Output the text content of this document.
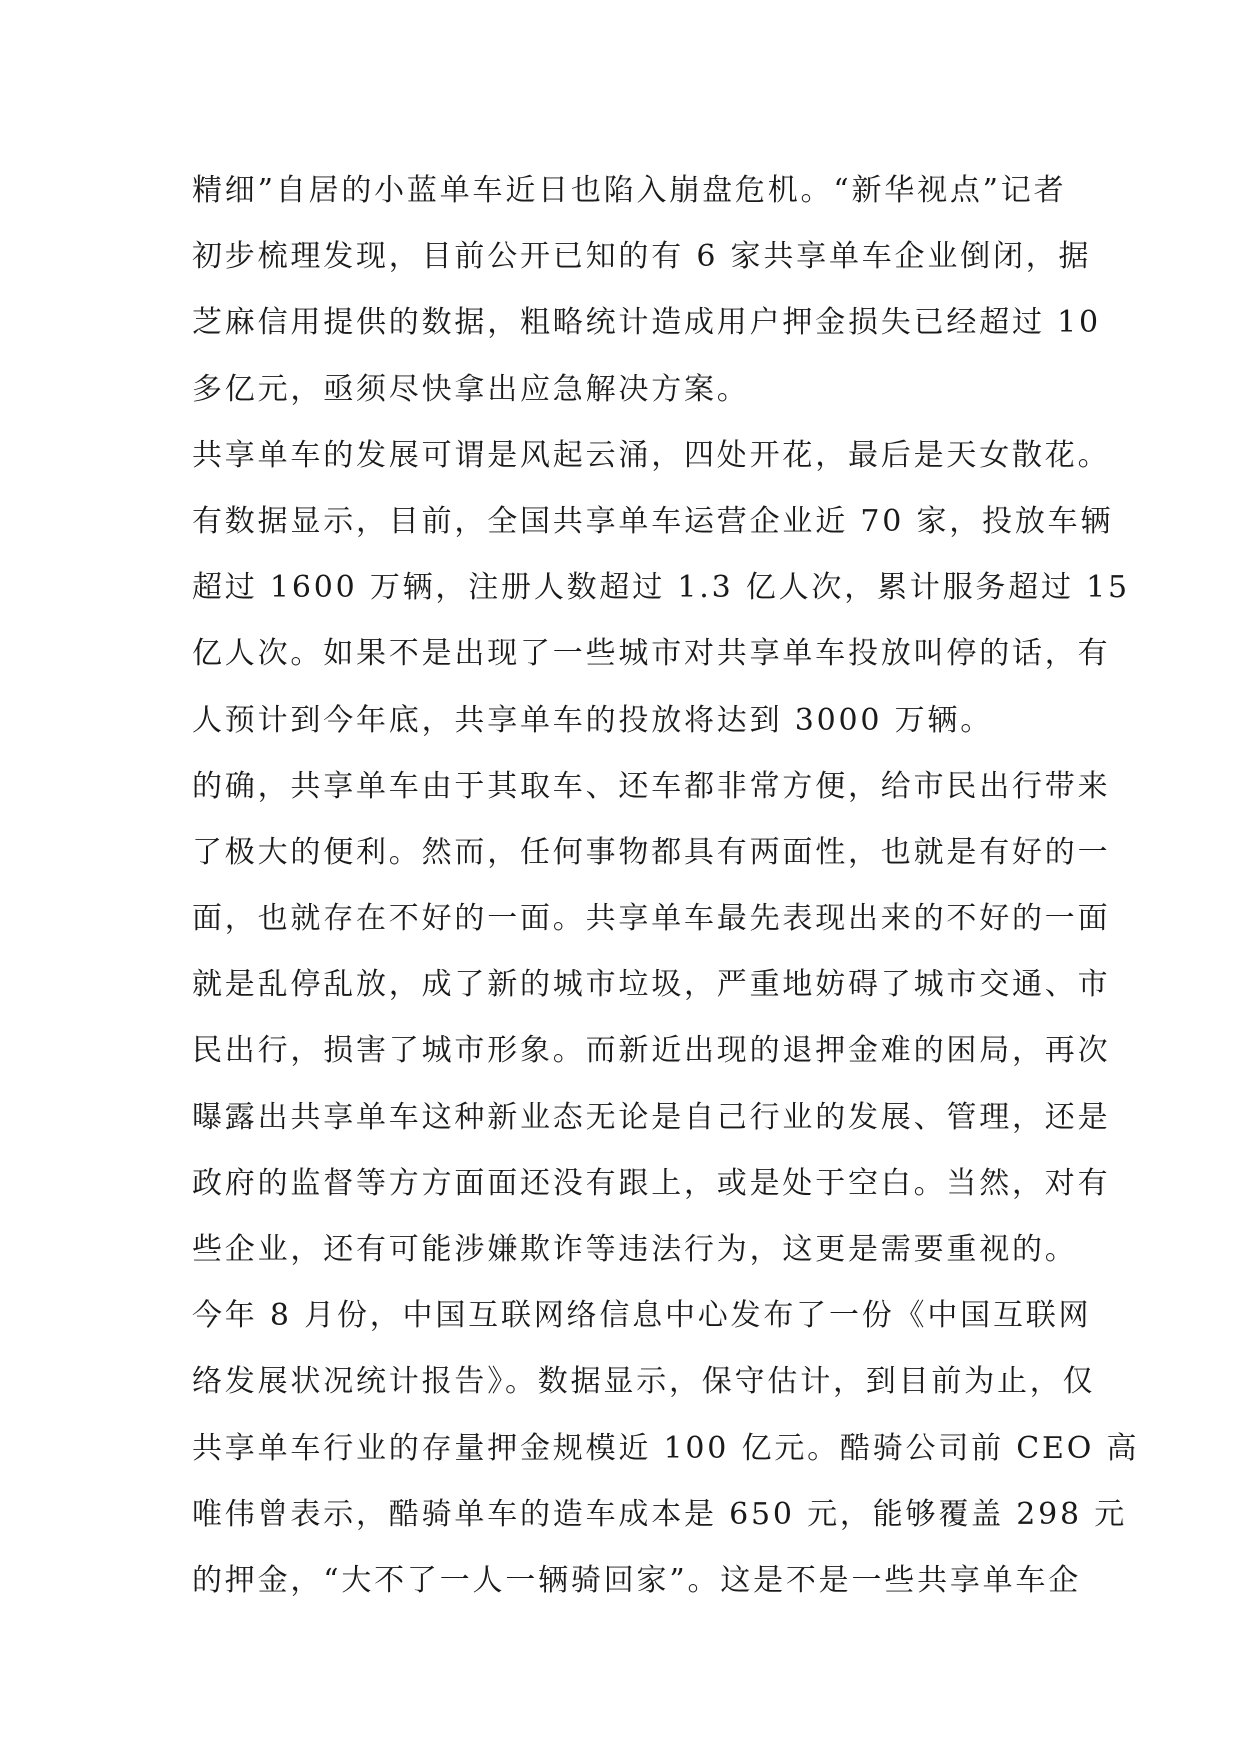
精细”自居的小蓝单车近日也陷入崩盘危机。“新华视点”记者
初步梳理发现，目前公开已知的有 6 家共享单车企业倒闭，据
芝麻信用提供的数据，粗略统计造成用户押金损失已经超过 10
多亿元，亟须尽快拿出应急解决方案。
共享单车的发展可谓是风起云涌，四处开花，最后是天女散花。
有数据显示，目前，全国共享单车运营企业近 70 家，投放车辆
超过 1600 万辆，注册人数超过 1.3 亿人次，累计服务超过 15
亿人次。如果不是出现了一些城市对共享单车投放叫停的话，有
人预计到今年底，共享单车的投放将达到 3000 万辆。
的确，共享单车由于其取车、还车都非常方便，给市民出行带来
了极大的便利。然而，任何事物都具有两面性，也就是有好的一
面，也就存在不好的一面。共享单车最先表现出来的不好的一面
就是乱停乱放，成了新的城市垃圾，严重地妨碍了城市交通、市
民出行，损害了城市形象。而新近出现的退押金难的困局，再次
曝露出共享单车这种新业态无论是自己行业的发展、管理，还是
政府的监督等方方面面还没有跟上，或是处于空白。当然，对有
些企业，还有可能涉嫌欺诈等违法行为，这更是需要重视的。
今年 8 月份，中国互联网络信息中心发布了一份《中国互联网
络发展状况统计报告》。数据显示，保守估计，到目前为止，仅
共享单车行业的存量押金规模近 100 亿元。酷骑公司前 CEO 高
唯伟曾表示，酷骑单车的造车成本是 650 元，能够覆盖 298 元
的押金，“大不了一人一辆骑回家”。这是不是一些共享单车企
